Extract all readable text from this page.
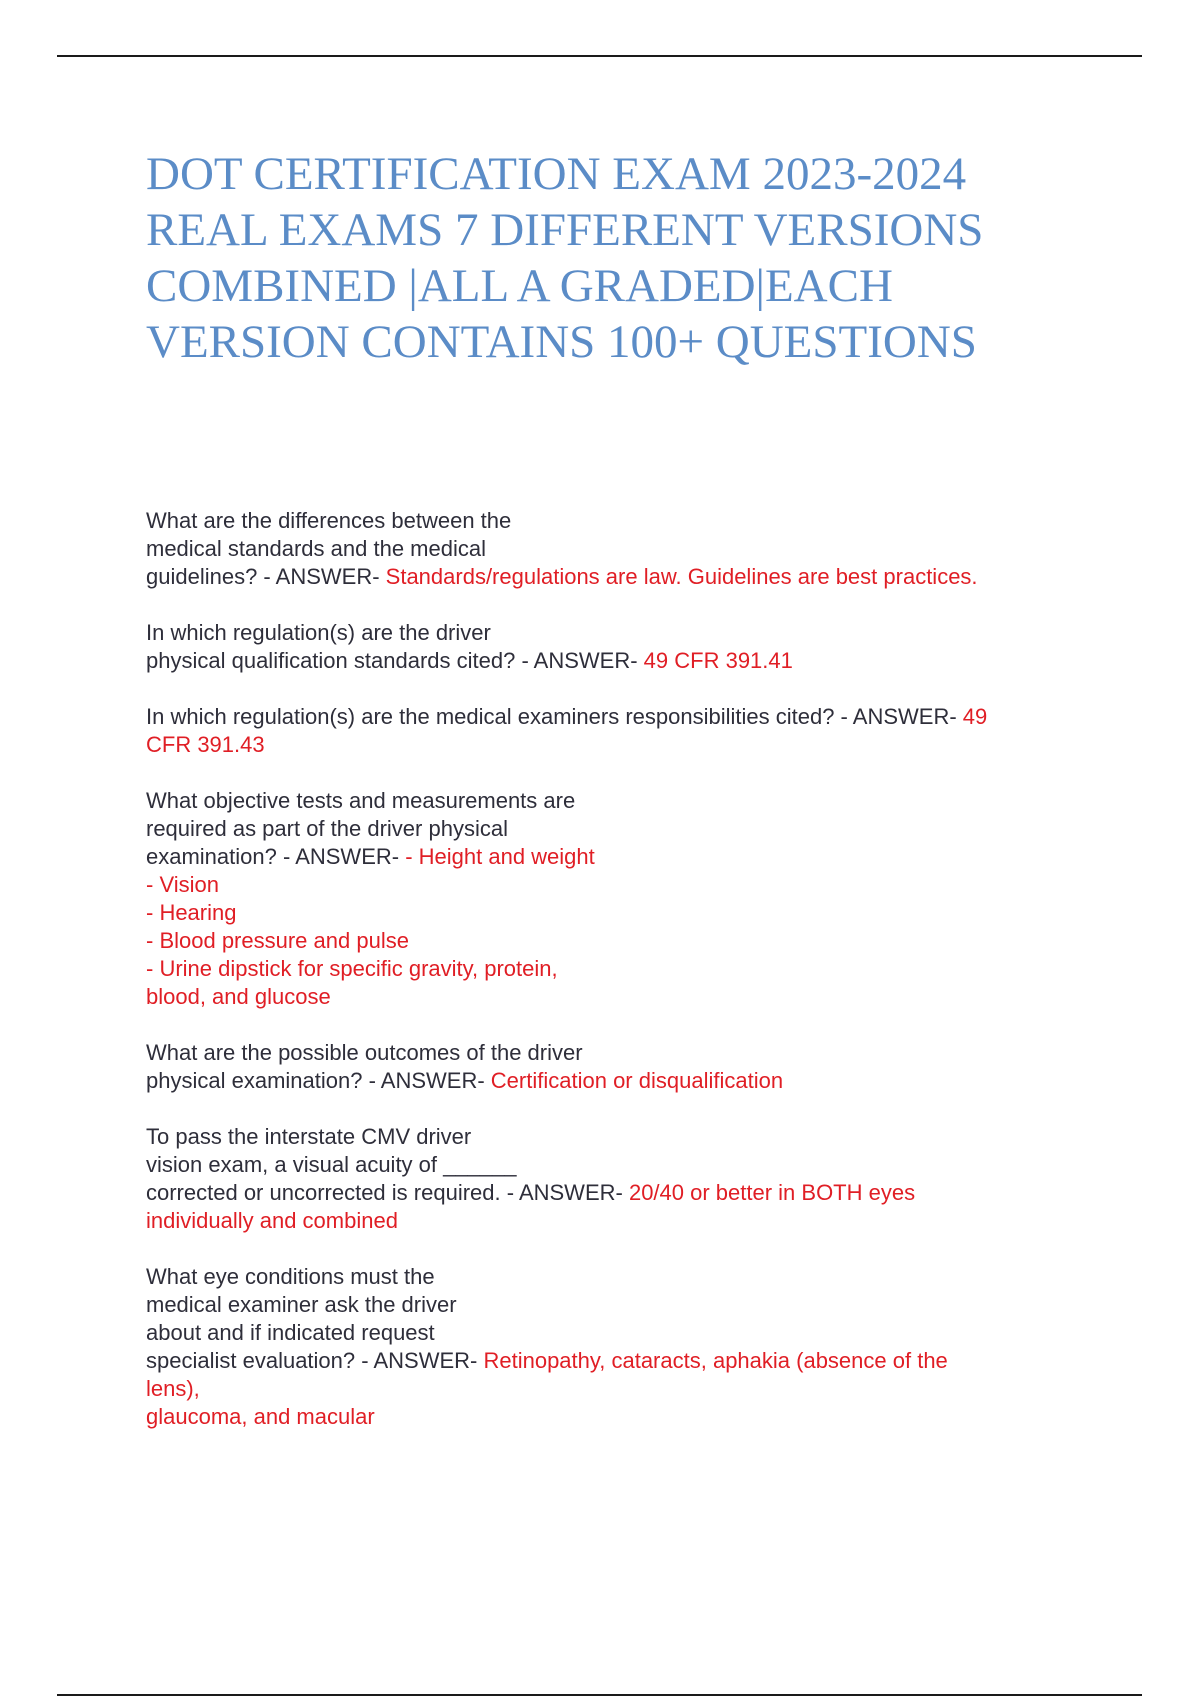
DOT CERTIFICATION EXAM 2023-2024
REAL EXAMS 7 DIFFERENT VERSIONS
COMBINED |ALL A GRADED|EACH
VERSION CONTAINS 100+ QUESTIONS
What are the differences between the
medical standards and the medical
guidelines? - ANSWER- Standards/regulations are law. Guidelines are best practices.
In which regulation(s) are the driver
physical qualification standards cited? - ANSWER- 49 CFR 391.41
In which regulation(s) are the medical examiners responsibilities cited? - ANSWER- 49
CFR 391.43
What objective tests and measurements are
required as part of the driver physical
examination? - ANSWER- - Height and weight
- Vision
- Hearing
- Blood pressure and pulse
- Urine dipstick for specific gravity, protein,
blood, and glucose
What are the possible outcomes of the driver
physical examination? - ANSWER- Certification or disqualification
To pass the interstate CMV driver
vision exam, a visual acuity of ______
corrected or uncorrected is required. - ANSWER- 20/40 or better in BOTH eyes
individually and combined
What eye conditions must the
medical examiner ask the driver
about and if indicated request
specialist evaluation? - ANSWER- Retinopathy, cataracts, aphakia (absence of the
lens),
glaucoma, and macular
